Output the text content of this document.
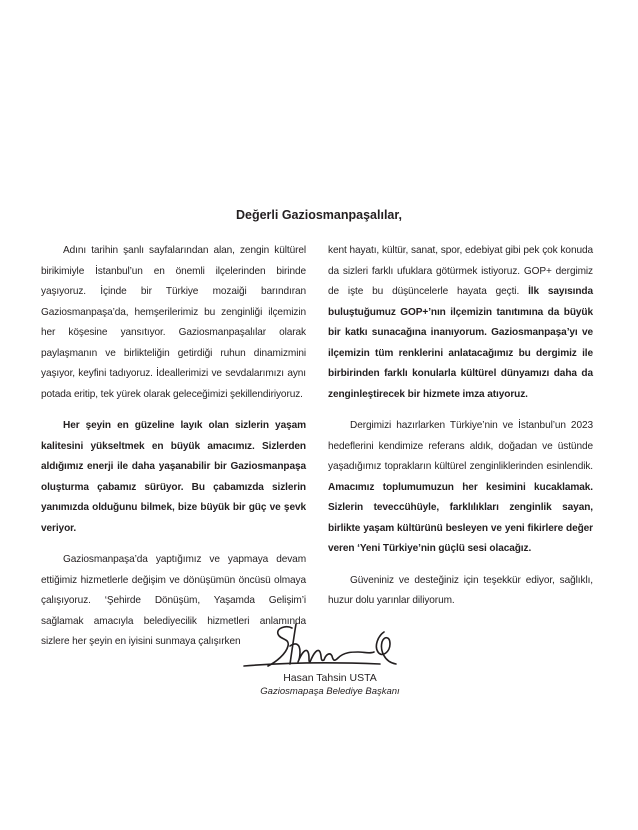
Değerli Gaziosmanpaşalılar,

Adını tarihin şanlı sayfalarından alan, zengin kültürel birikimiyle İstanbul’un en önemli ilçelerinden birinde yaşıyoruz. İçinde bir Türkiye mozaiği barındıran Gaziosmanpaşa’da, hemşerilerimiz bu zenginliği ilçemizin her köşesine yansıtıyor. Gaziosmanpaşalılar olarak paylaşmanın ve birlikteliğin getirdiği ruhun dinamizmini yaşıyor, keyfini tadıyoruz. İdeallerimizi ve sevdalarımızı aynı potada eritip, tek yürek olarak geleceğimizi şekillendiriyoruz.

Her şeyin en güzeline layık olan sizlerin yaşam kalitesini yükseltmek en büyük amacımız. Sizlerden aldığımız enerji ile daha yaşanabilir bir Gaziosmanpaşa oluşturma çabamız sürüyor. Bu çabamızda sizlerin yanımızda olduğunu bilmek, bize büyük bir güç ve şevk veriyor.

Gaziosmanpaşa’da yaptığımız ve yapmaya devam ettiğimiz hizmetlerle değişim ve dönüşümün öncüsü olmaya çalışıyoruz. ‘Şehirde Dönüşüm, Yaşamda Gelişim’i sağlamak amacıyla belediyecilik hizmetleri anlamında sizlere her şeyin en iyisini sunmaya çalışırken

kent hayatı, kültür, sanat, spor, edebiyat gibi pek çok konuda da sizleri farklı ufuklara götürmek istiyoruz. GOP+ dergimiz de işte bu düşüncelerle hayata geçti. İlk sayısında buluştuğumuz GOP+’nın ilçemizin tanıtımına da büyük bir katkı sunacağına inanıyorum. Gaziosmanpaşa’yı ve ilçemizin tüm renklerini anlatacağımız bu dergimiz ile birbirinden farklı konularla kültürel dünyamızı daha da zenginleştirecek bir hizmete imza atıyoruz.

Dergimizi hazırlarken Türkiye’nin ve İstanbul’un 2023 hedeflerini kendimize referans aldık, doğadan ve üstünde yaşadığımız toprakların kültürel zenginliklerinden esinlendik. Amacımız toplumumuzun her kesimini kucaklamak. Sizlerin teveccühüyle, farklılıkları zenginlik sayan, birlikte yaşam kültürünü besleyen ve yeni fikirlere değer veren ‘Yeni Türkiye’nin güçlü sesi olacağız.

Güveniniz ve desteğiniz için teşekkür ediyor, sağlıklı, huzur dolu yarınlar diliyorum.

Hasan Tahsin USTA
Gaziosmapaşa Belediye Başkanı
